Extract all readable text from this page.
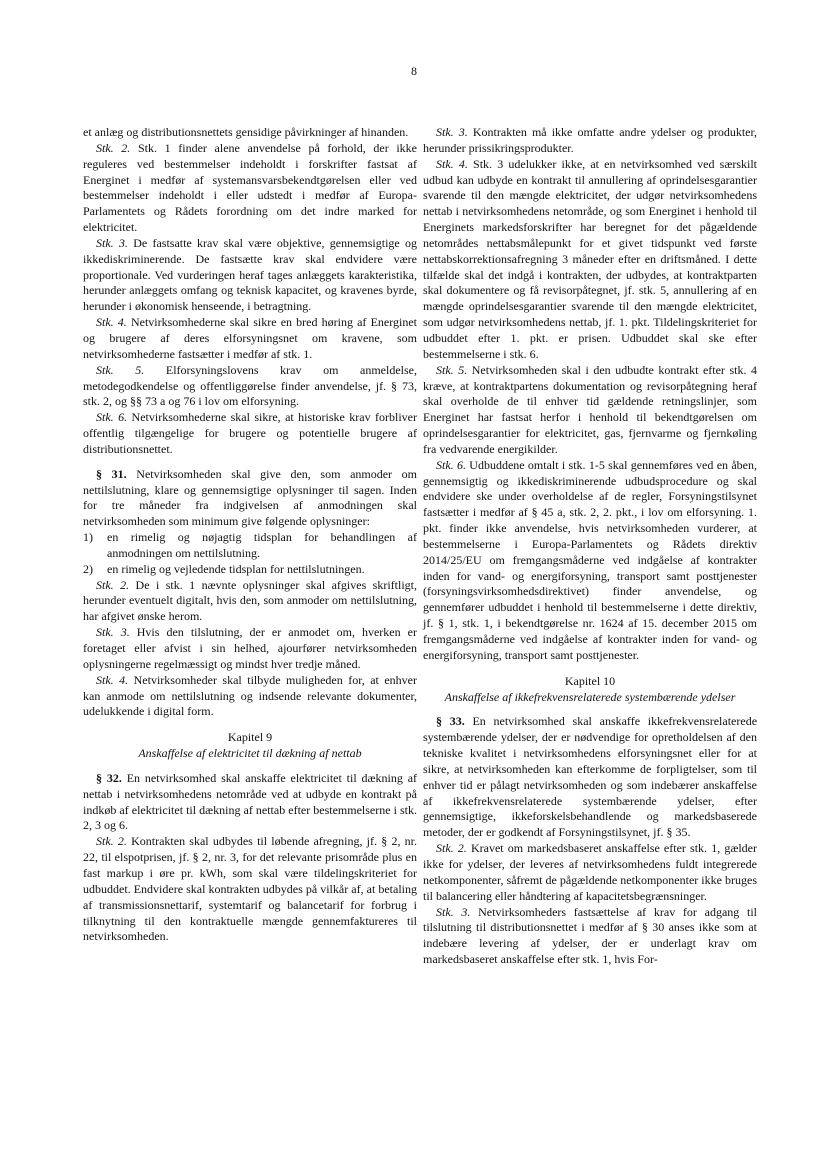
8

et anlæg og distributionsnettets gensidige påvirkninger af hinanden.

Stk. 2. Stk. 1 finder alene anvendelse på forhold, der ikke reguleres ved bestemmelser indeholdt i forskrifter fastsat af Energinet i medfør af systemansvarsbekendtgørelsen eller ved bestemmelser indeholdt i eller udstedt i medfør af Europa-Parlamentets og Rådets forordning om det indre marked for elektricitet.

Stk. 3. De fastsatte krav skal være objektive, gennemsigtige og ikkediskriminerende. De fastsætte krav skal endvidere være proportionale. Ved vurderingen heraf tages anlæggets karakteristika, herunder anlæggets omfang og teknisk kapacitet, og kravenes byrde, herunder i økonomisk henseende, i betragtning.

Stk. 4. Netvirksomhederne skal sikre en bred høring af Energinet og brugere af deres elforsyningsnet om kravene, som netvirksomhederne fastsætter i medfør af stk. 1.

Stk. 5. Elforsyningslovens krav om anmeldelse, metodegodkendelse og offentliggørelse finder anvendelse, jf. § 73, stk. 2, og §§ 73 a og 76 i lov om elforsyning.

Stk. 6. Netvirksomhederne skal sikre, at historiske krav forbliver offentlig tilgængelige for brugere og potentielle brugere af distributionsnettet.

§ 31. Netvirksomheden skal give den, som anmoder om nettilslutning, klare og gennemsigtige oplysninger til sagen. Inden for tre måneder fra indgivelsen af anmodningen skal netvirksomheden som minimum give følgende oplysninger:

1)	en rimelig og nøjagtig tidsplan for behandlingen af anmodningen om nettilslutning.
2)	en rimelig og vejledende tidsplan for nettilslutningen.

Stk. 2. De i stk. 1 nævnte oplysninger skal afgives skriftligt, herunder eventuelt digitalt, hvis den, som anmoder om nettilslutning, har afgivet ønske herom.

Stk. 3. Hvis den tilslutning, der er anmodet om, hverken er foretaget eller afvist i sin helhed, ajourfører netvirksomheden oplysningerne regelmæssigt og mindst hver tredje måned.

Stk. 4. Netvirksomheder skal tilbyde muligheden for, at enhver kan anmode om nettilslutning og indsende relevante dokumenter, udelukkende i digital form.

Kapitel 9

Anskaffelse af elektricitet til dækning af nettab

§ 32. En netvirksomhed skal anskaffe elektricitet til dækning af nettab i netvirksomhedens netområde ved at udbyde en kontrakt på indkøb af elektricitet til dækning af nettab efter bestemmelserne i stk. 2, 3 og 6.

Stk. 2. Kontrakten skal udbydes til løbende afregning, jf. § 2, nr. 22, til elspotprisen, jf. § 2, nr. 3, for det relevante prisområde plus en fast markup i øre pr. kWh, som skal være tildelingskriteriet for udbuddet. Endvidere skal kontrakten udbydes på vilkår af, at betaling af transmissionsnettarif, systemtarif og balancetarif for forbrug i tilknytning til den kontraktuelle mængde gennemfaktureres til netvirksomheden.

Stk. 3. Kontrakten må ikke omfatte andre ydelser og produkter, herunder prissikringsprodukter.

Stk. 4. Stk. 3 udelukker ikke, at en netvirksomhed ved særskilt udbud kan udbyde en kontrakt til annullering af oprindelsesgarantier svarende til den mængde elektricitet, der udgør netvirksomhedens nettab i netvirksomhedens netområde, og som Energinet i henhold til Energinets markedsforskrifter har beregnet for det pågældende netområdes nettabsmålepunkt for et givet tidspunkt ved første nettabskorrektionsafregning 3 måneder efter en driftsmåned. I dette tilfælde skal det indgå i kontrakten, der udbydes, at kontraktparten skal dokumentere og få revisorpåtegnet, jf. stk. 5, annullering af en mængde oprindelsesgarantier svarende til den mængde elektricitet, som udgør netvirksomhedens nettab, jf. 1. pkt. Tildelingskriteriet for udbuddet efter 1. pkt. er prisen. Udbuddet skal ske efter bestemmelserne i stk. 6.

Stk. 5. Netvirksomheden skal i den udbudte kontrakt efter stk. 4 kræve, at kontraktpartens dokumentation og revisorpåtegning heraf skal overholde de til enhver tid gældende retningslinjer, som Energinet har fastsat herfor i henhold til bekendtgørelsen om oprindelsesgarantier for elektricitet, gas, fjernvarme og fjernkøling fra vedvarende energikilder.

Stk. 6. Udbuddene omtalt i stk. 1-5 skal gennemføres ved en åben, gennemsigtig og ikkediskriminerende udbudsprocedure og skal endvidere ske under overholdelse af de regler, Forsyningstilsynet fastsætter i medfør af § 45 a, stk. 2, 2. pkt., i lov om elforsyning. 1. pkt. finder ikke anvendelse, hvis netvirksomheden vurderer, at bestemmelserne i Europa-Parlamentets og Rådets direktiv 2014/25/EU om fremgangsmåderne ved indgåelse af kontrakter inden for vand- og energiforsyning, transport samt posttjenester (forsyningsvirksomhedsdirektivet) finder anvendelse, og gennemfører udbuddet i henhold til bestemmelserne i dette direktiv, jf. § 1, stk. 1, i bekendtgørelse nr. 1624 af 15. december 2015 om fremgangsmåderne ved indgåelse af kontrakter inden for vand- og energiforsyning, transport samt posttjenester.

Kapitel 10

Anskaffelse af ikkefrekvensrelaterede systembærende ydelser

§ 33. En netvirksomhed skal anskaffe ikkefrekvensrelaterede systembærende ydelser, der er nødvendige for opretholdelsen af den tekniske kvalitet i netvirksomhedens elforsyningsnet eller for at sikre, at netvirksomheden kan efterkomme de forpligtelser, som til enhver tid er pålagt netvirksomheden og som indebærer anskaffelse af ikkefrekvensrelaterede systembærende ydelser, efter gennemsigtige, ikkeforskelsbehandlende og markedsbaserede metoder, der er godkendt af Forsyningstilsynet, jf. § 35.

Stk. 2. Kravet om markedsbaseret anskaffelse efter stk. 1, gælder ikke for ydelser, der leveres af netvirksomhedens fuldt integrerede netkomponenter, såfremt de pågældende netkomponenter ikke bruges til balancering eller håndtering af kapacitetsbegrænsninger.

Stk. 3. Netvirksomheders fastsættelse af krav for adgang til tilslutning til distributionsnettet i medfør af § 30 anses ikke som at indebære levering af ydelser, der er underlagt krav om markedsbaseret anskaffelse efter stk. 1, hvis For-
